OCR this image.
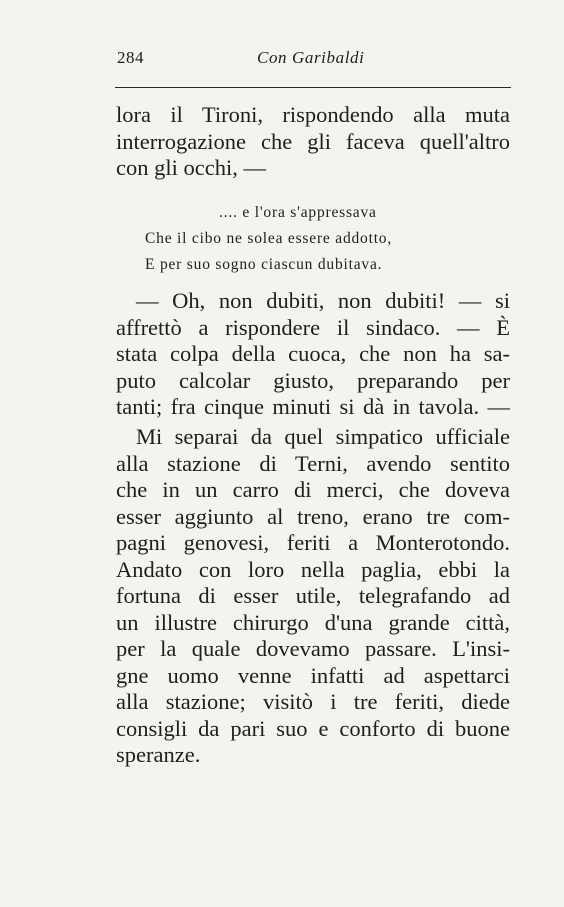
284	Con Garibaldi
lora il Tironi, rispondendo alla muta
interrogazione che gli faceva quell'altro
con gli occhi, —
.... e l'ora s'appressava
Che il cibo ne solea essere addotto,
E per suo sogno ciascun dubitava.
— Oh, non dubiti, non dubiti! — si
affrettò a rispondere il sindaco. — È
stata colpa della cuoca, che non ha sa-
puto calcolar giusto, preparando per
tanti; fra cinque minuti si dà in tavola. —
Mi separai da quel simpatico ufficiale
alla stazione di Terni, avendo sentito
che in un carro di merci, che doveva
esser aggiunto al treno, erano tre com-
pagni genovesi, feriti a Monterotondo.
Andato con loro nella paglia, ebbi la
fortuna di esser utile, telegrafando ad
un illustre chirurgo d'una grande città,
per la quale dovevamo passare. L'insi-
gne uomo venne infatti ad aspettarci
alla stazione; visitò i tre feriti, diede
consigli da pari suo e conforto di buone
speranze.
